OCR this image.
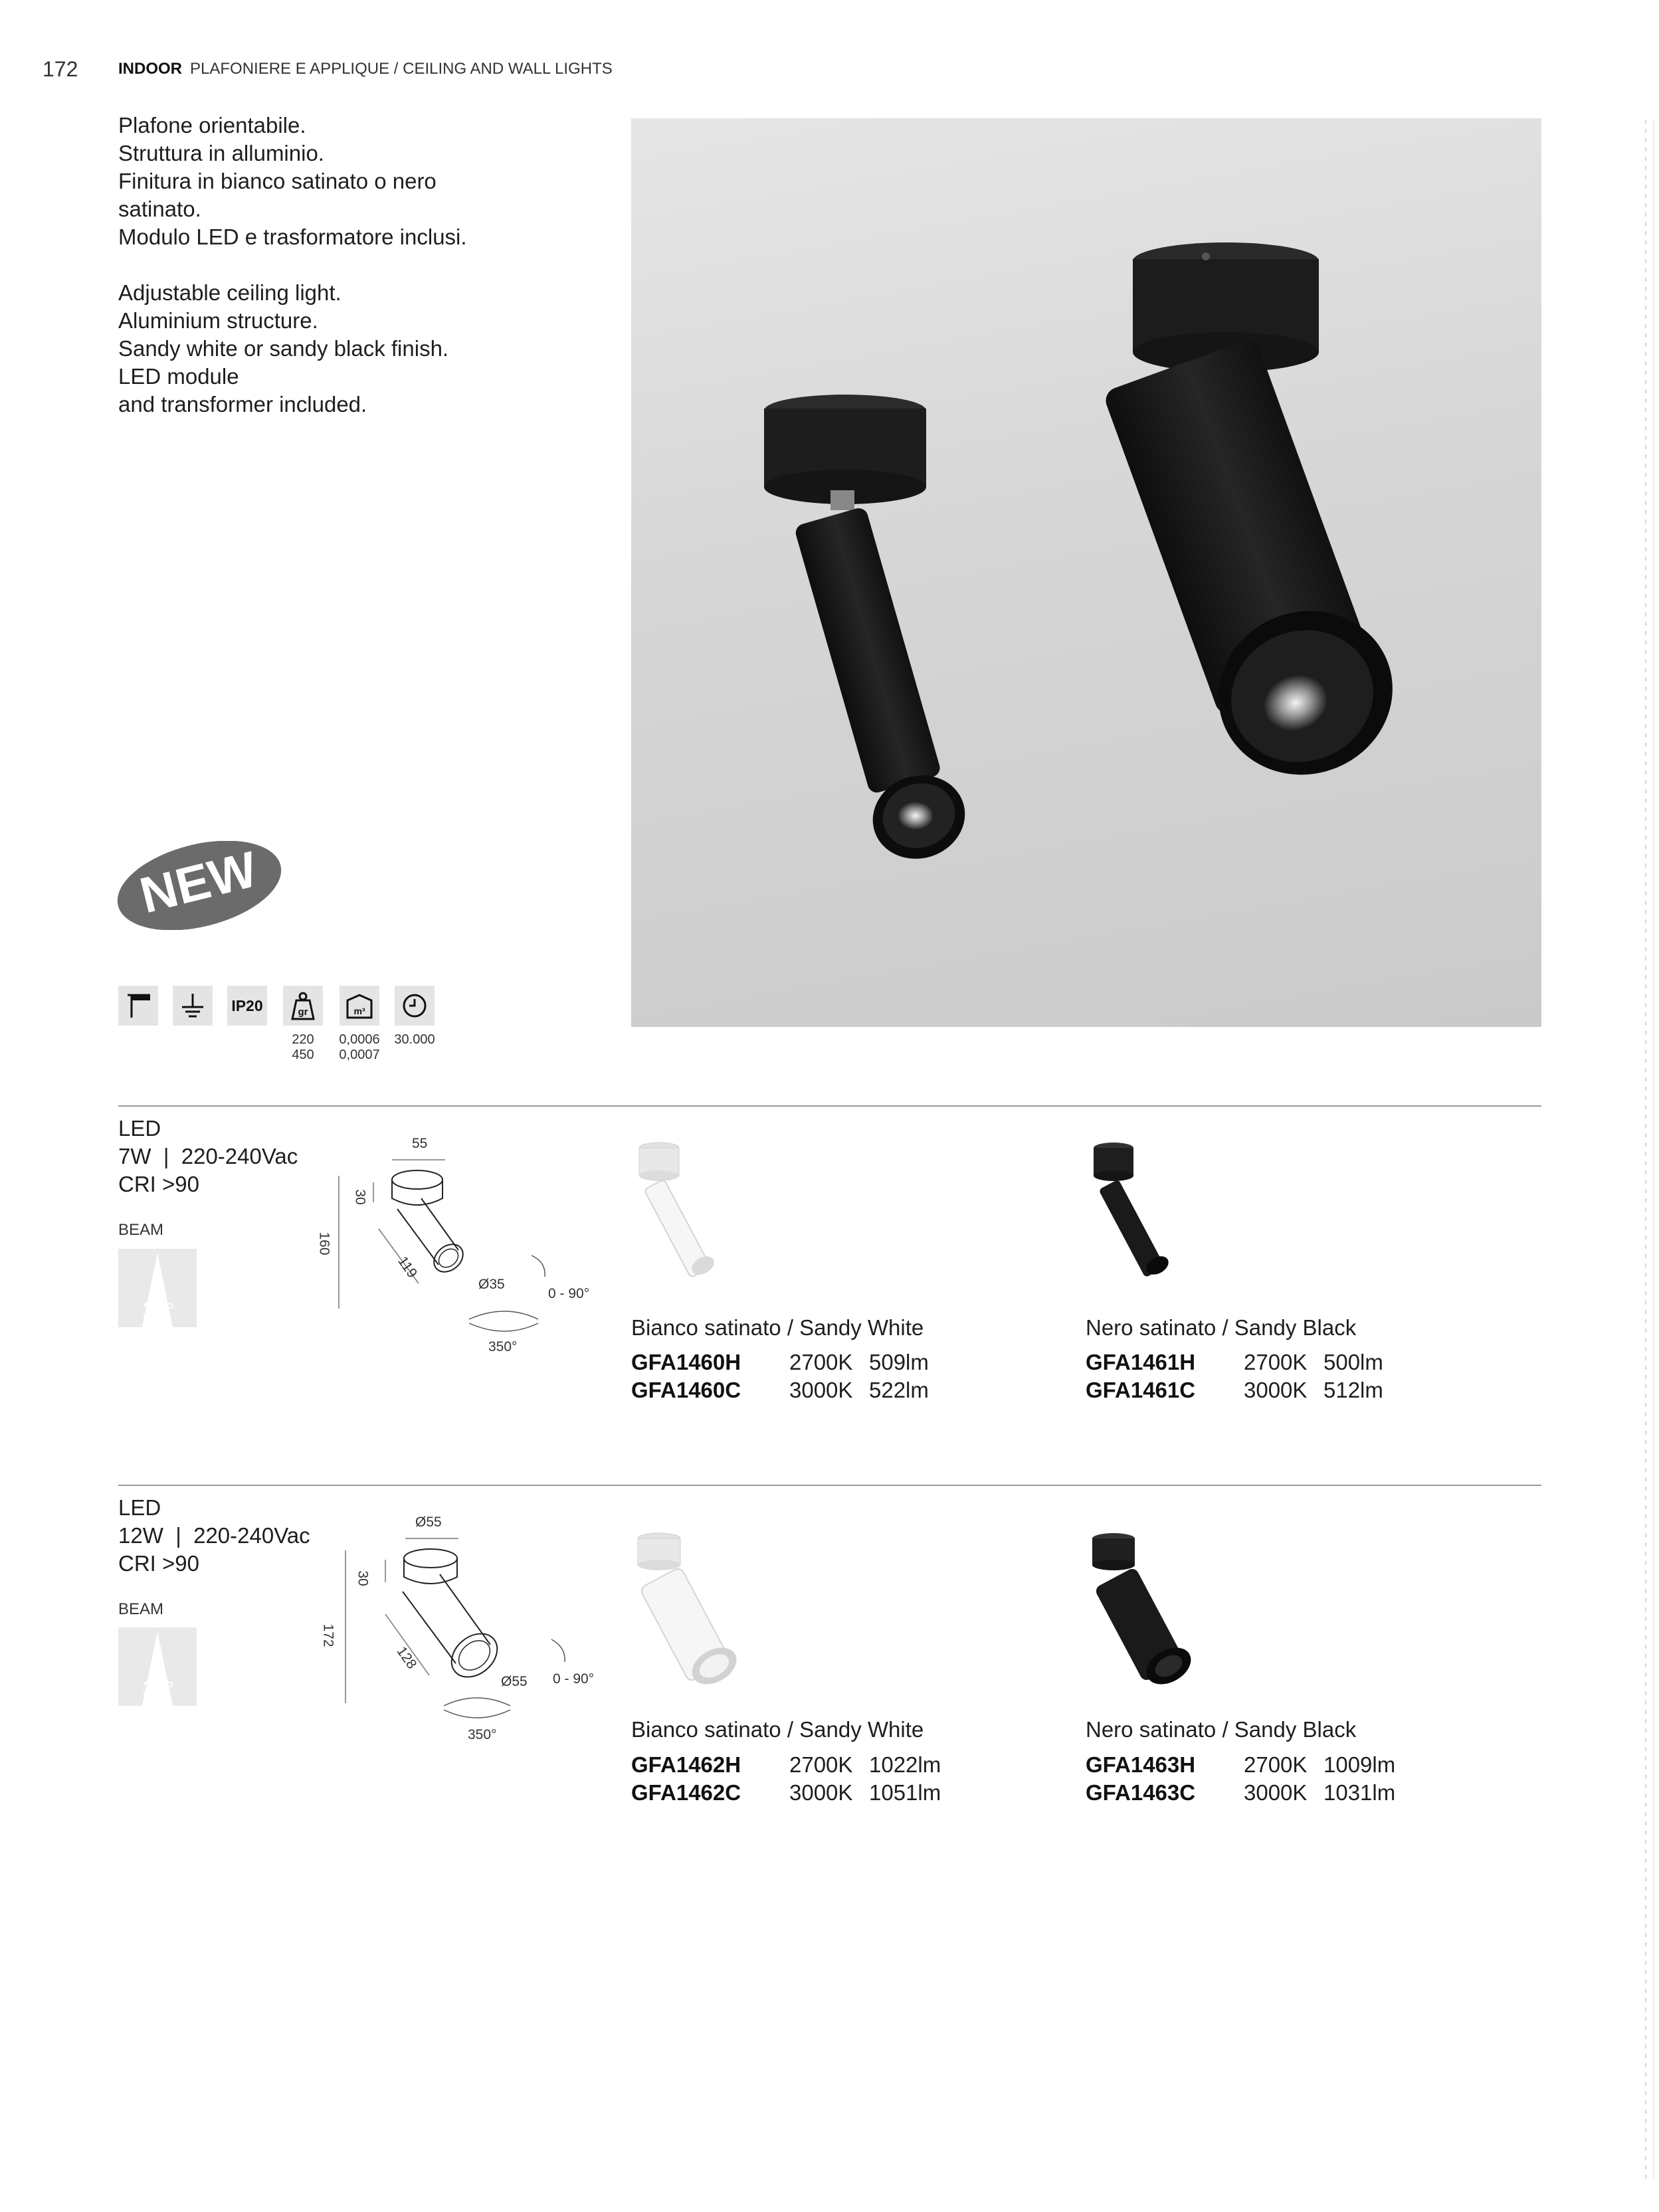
172	INDOOR PLAFONIERE E APPLIQUE / CEILING AND WALL LIGHTS

Plafone orientabile.

Struttura in alluminio.

Finitura in bianco satinato o nero

satinato.

Modulo LED e trasformatore inclusi.

Adjustable ceiling light.

Aluminium structure.

Sandy white or sandy black finish.

LED module

and transformer included.

NEW
IP20	gr
220
450
m³
0,0006
0,0007
30.000

LED

7W  |  220-240Vac

CRI >90

BEAM
38°
55
30
160
119
Ø35
0 - 90°
350°
Bianco satinato / Sandy White
GFA1460H 2700K 509lm
GFA1460C 3000K 522lm
Nero satinato / Sandy Black
GFA1461H 2700K 500lm
GFA1461C 3000K 512lm

LED

12W  |  220-240Vac

CRI >90

BEAM
38°
Ø55
30
172
128
Ø55 0 - 90°
350°	Bianco satinato / Sandy White
GFA1462H 2700K 1022lm
GFA1462C 3000K 1051lm
Nero satinato / Sandy Black
GFA1463H 2700K 1009lm
GFA1463C 3000K 1031lm
